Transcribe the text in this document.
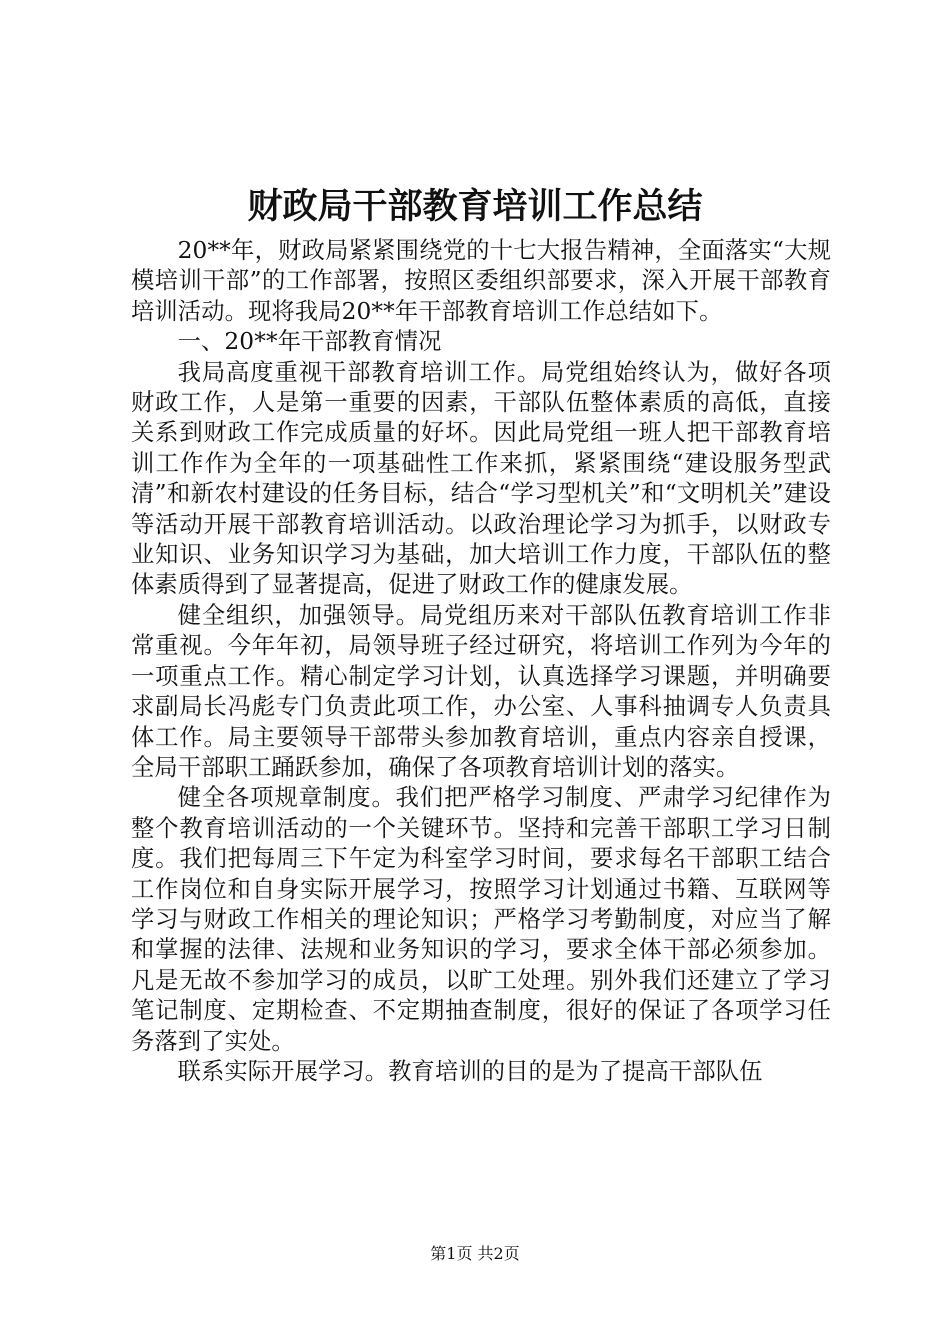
财政局干部教育培训工作总结

20**年，财政局紧紧围绕党的十七大报告精神，全面落实“大规模培训干部”的工作部署，按照区委组织部要求，深入开展干部教育培训活动。现将我局20**年干部教育培训工作总结如下。

一、20**年干部教育情况

我局高度重视干部教育培训工作。局党组始终认为，做好各项财政工作，人是第一重要的因素，干部队伍整体素质的高低，直接关系到财政工作完成质量的好坏。因此局党组一班人把干部教育培训工作作为全年的一项基础性工作来抓，紧紧围绕“建设服务型武清”和新农村建设的任务目标，结合“学习型机关”和“文明机关”建设等活动开展干部教育培训活动。以政治理论学习为抓手，以财政专业知识、业务知识学习为基础，加大培训工作力度，干部队伍的整体素质得到了显著提高，促进了财政工作的健康发展。

健全组织，加强领导。局党组历来对干部队伍教育培训工作非常重视。今年年初，局领导班子经过研究，将培训工作列为今年的一项重点工作。精心制定学习计划，认真选择学习课题，并明确要求副局长冯彪专门负责此项工作，办公室、人事科抽调专人负责具体工作。局主要领导干部带头参加教育培训，重点内容亲自授课，全局干部职工踊跃参加，确保了各项教育培训计划的落实。

健全各项规章制度。我们把严格学习制度、严肃学习纪律作为整个教育培训活动的一个关键环节。坚持和完善干部职工学习日制度。我们把每周三下午定为科室学习时间，要求每名干部职工结合工作岗位和自身实际开展学习，按照学习计划通过书籍、互联网等学习与财政工作相关的理论知识；严格学习考勤制度，对应当了解和掌握的法律、法规和业务知识的学习，要求全体干部必须参加。凡是无故不参加学习的成员，以旷工处理。别外我们还建立了学习笔记制度、定期检查、不定期抽查制度，很好的保证了各项学习任务落到了实处。

联系实际开展学习。教育培训的目的是为了提高干部队伍

第1页 共2页
